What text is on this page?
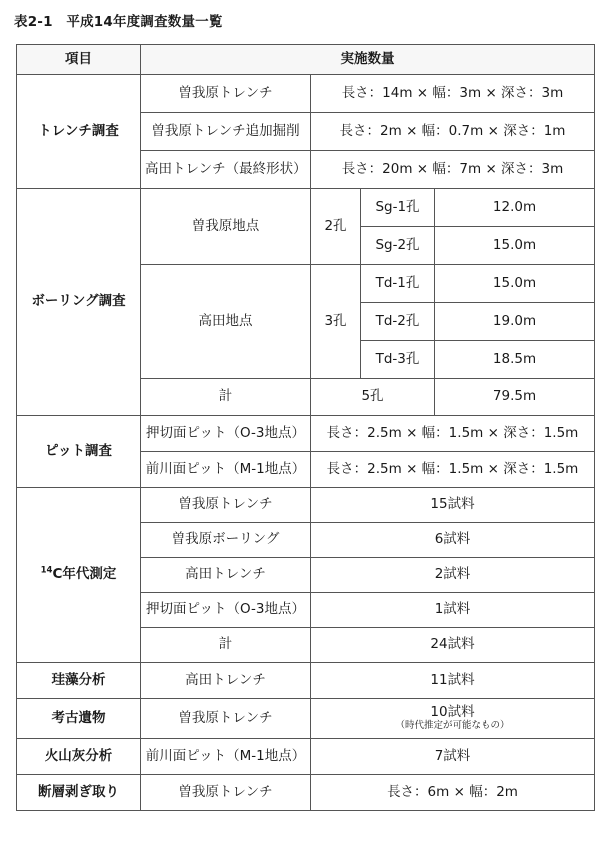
表2-1　平成14年度調査数量一覧
項目	実施数量			
トレンチ調査	曽我原トレンチ	長さ：14m × 幅：3m × 深さ：3m		
	曽我原トレンチ追加掘削	長さ：2m × 幅：0.7m × 深さ：1m		
	高田トレンチ（最終形状）	長さ：20m × 幅：7m × 深さ：3m		
ボーリング調査	曽我原地点	2孔	Sg-1孔	12.0m
			Sg-2孔	15.0m
	高田地点	3孔	Td-1孔	15.0m
			Td-2孔	19.0m
			Td-3孔	18.5m
	計	5孔		79.5m
ピット調査	押切面ピット（O-3地点）	長さ：2.5m × 幅：1.5m × 深さ：1.5m		
	前川面ピット（M-1地点）	長さ：2.5m × 幅：1.5m × 深さ：1.5m		
$^{14}$C年代測定	曽我原トレンチ	15試料		
	曽我原ボーリング	6試料		
	高田トレンチ	2試料		
	押切面ピット（O-3地点）	1試料		
	計	24試料		
珪藻分析	高田トレンチ	11試料		
考古遺物	曽我原トレンチ	10試料
（時代推定が可能なもの）		

火山灰分析	前川面ピット（M-1地点）	7試料		
断層剥ぎ取り	曽我原トレンチ	長さ：6m × 幅：2m		
